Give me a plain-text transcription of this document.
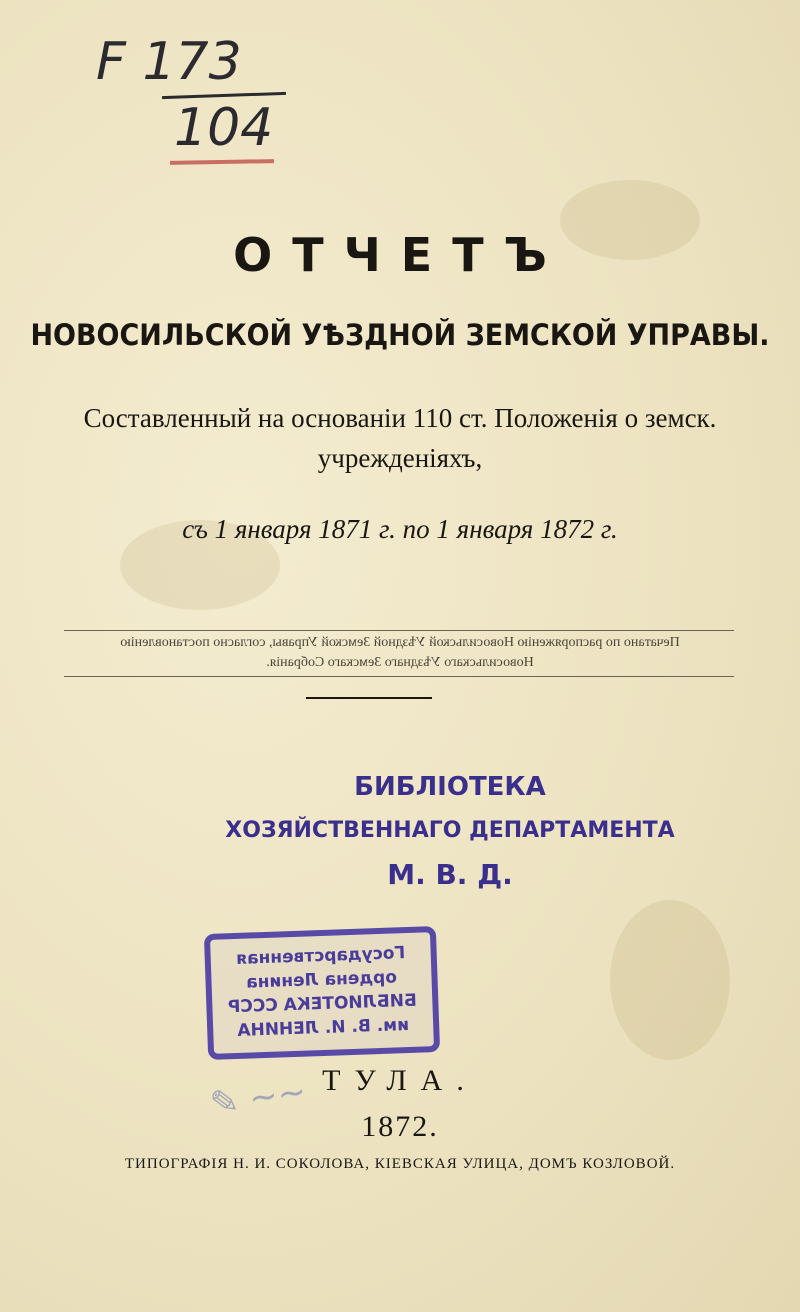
F 173
104
ОТЧЕТЪ
НОВОСИЛЬСКОЙ УѢЗДНОЙ ЗЕМСКОЙ УПРАВЫ.
Составленный на основаніи 110 ст. Положенія о земск.
учрежденіяхъ,
съ 1 января 1871 г. по 1 января 1872 г.
Печатано по распоряженію Новосильской Уѣздной Земской Управы, согласно постановленію
Новосильскаго Уѣзднаго Земскаго Собранія.
БИБЛІОТЕКА
ХОЗЯЙСТВЕННАГО ДЕПАРТАМЕНТА
М. В. Д.
Государственная
ордена Ленина
БИБЛИОТЕКА СССР
им. В. И. ЛЕНИНА
✎ ∼∼ ТУЛА.
1872.
ТИПОГРАФІЯ Н. И. СОКОЛОВА, КІЕВСКАЯ УЛИЦА, ДОМЪ КОЗЛОВОЙ.
